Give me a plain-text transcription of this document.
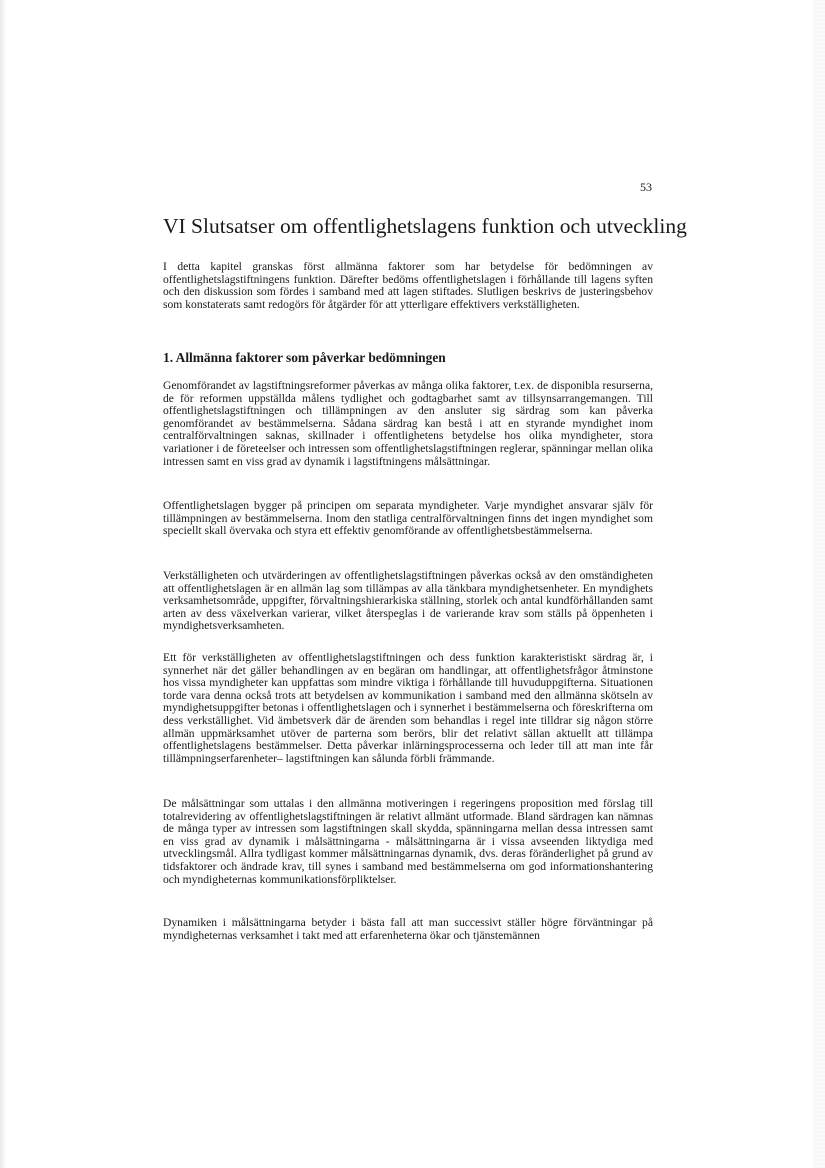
53
VI Slutsatser om offentlighetslagens funktion och utveckling

I detta kapitel granskas först allmänna faktorer som har betydelse för bedömningen av offentlighetslagstiftningens funktion. Därefter bedöms offentlighetslagen i förhållande till lagens syften och den diskussion som fördes i samband med att lagen stiftades. Slutligen beskrivs de justeringsbehov som konstaterats samt redogörs för åtgärder för att ytterligare effektivers verkställigheten.

1. Allmänna faktorer som påverkar bedömningen

Genomförandet av lagstiftningsreformer påverkas av många olika faktorer, t.ex. de disponibla resurserna, de för reformen uppställda målens tydlighet och godtagbarhet samt av tillsynsarrangemangen. Till offentlighetslagstiftningen och tillämpningen av den ansluter sig särdrag som kan påverka genomförandet av bestämmelserna. Sådana särdrag kan bestå i att en styrande myndighet inom centralförvaltningen saknas, skillnader i offentlighetens betydelse hos olika myndigheter, stora variationer i de företeelser och intressen som offentlighetslagstiftningen reglerar, spänningar mellan olika intressen samt en viss grad av dynamik i lagstiftningens målsättningar.

Offentlighetslagen bygger på principen om separata myndigheter. Varje myndighet ansvarar själv för tillämpningen av bestämmelserna. Inom den statliga centralförvaltningen finns det ingen myndighet som speciellt skall övervaka och styra ett effektiv genomförande av offentlighetsbestämmelserna.

Verkställigheten och utvärderingen av offentlighetslagstiftningen påverkas också av den omständigheten att offentlighetslagen är en allmän lag som tillämpas av alla tänkbara myndighetsenheter. En myndighets verksamhetsområde, uppgifter, förvaltningshierarkiska ställning, storlek och antal kundförhållanden samt arten av dess växelverkan varierar, vilket återspeglas i de varierande krav som ställs på öppenheten i myndighetsverksamheten.

Ett för verkställigheten av offentlighetslagstiftningen och dess funktion karakteristiskt särdrag är, i synnerhet när det gäller behandlingen av en begäran om handlingar, att offentlighetsfrågor åtminstone hos vissa myndigheter kan uppfattas som mindre viktiga i förhållande till huvuduppgifterna. Situationen torde vara denna också trots att betydelsen av kommunikation i samband med den allmänna skötseln av myndighetsuppgifter betonas i offentlighetslagen och i synnerhet i bestämmelserna och föreskrifterna om dess verkställighet. Vid ämbetsverk där de ärenden som behandlas i regel inte tilldrar sig någon större allmän uppmärksamhet utöver de parterna som berörs, blir det relativt sällan aktuellt att tillämpa offentlighetslagens bestämmelser. Detta påverkar inlärningsprocesserna och leder till att man inte får tillämpningserfarenheter– lagstiftningen kan sålunda förbli främmande.

De målsättningar som uttalas i den allmänna motiveringen i regeringens proposition med förslag till totalrevidering av offentlighetslagstiftningen är relativt allmänt utformade. Bland särdragen kan nämnas de många typer av intressen som lagstiftningen skall skydda, spänningarna mellan dessa intressen samt en viss grad av dynamik i målsättningarna - målsättningarna är i vissa avseenden liktydiga med utvecklingsmål. Allra tydligast kommer målsättningarnas dynamik, dvs. deras föränderlighet på grund av tidsfaktorer och ändrade krav, till synes i samband med bestämmelserna om god informationshantering och myndigheternas kommunikationsförpliktelser.

Dynamiken i målsättningarna betyder i bästa fall att man successivt ställer högre förväntningar på myndigheternas verksamhet i takt med att erfarenheterna ökar och tjänstemännen
